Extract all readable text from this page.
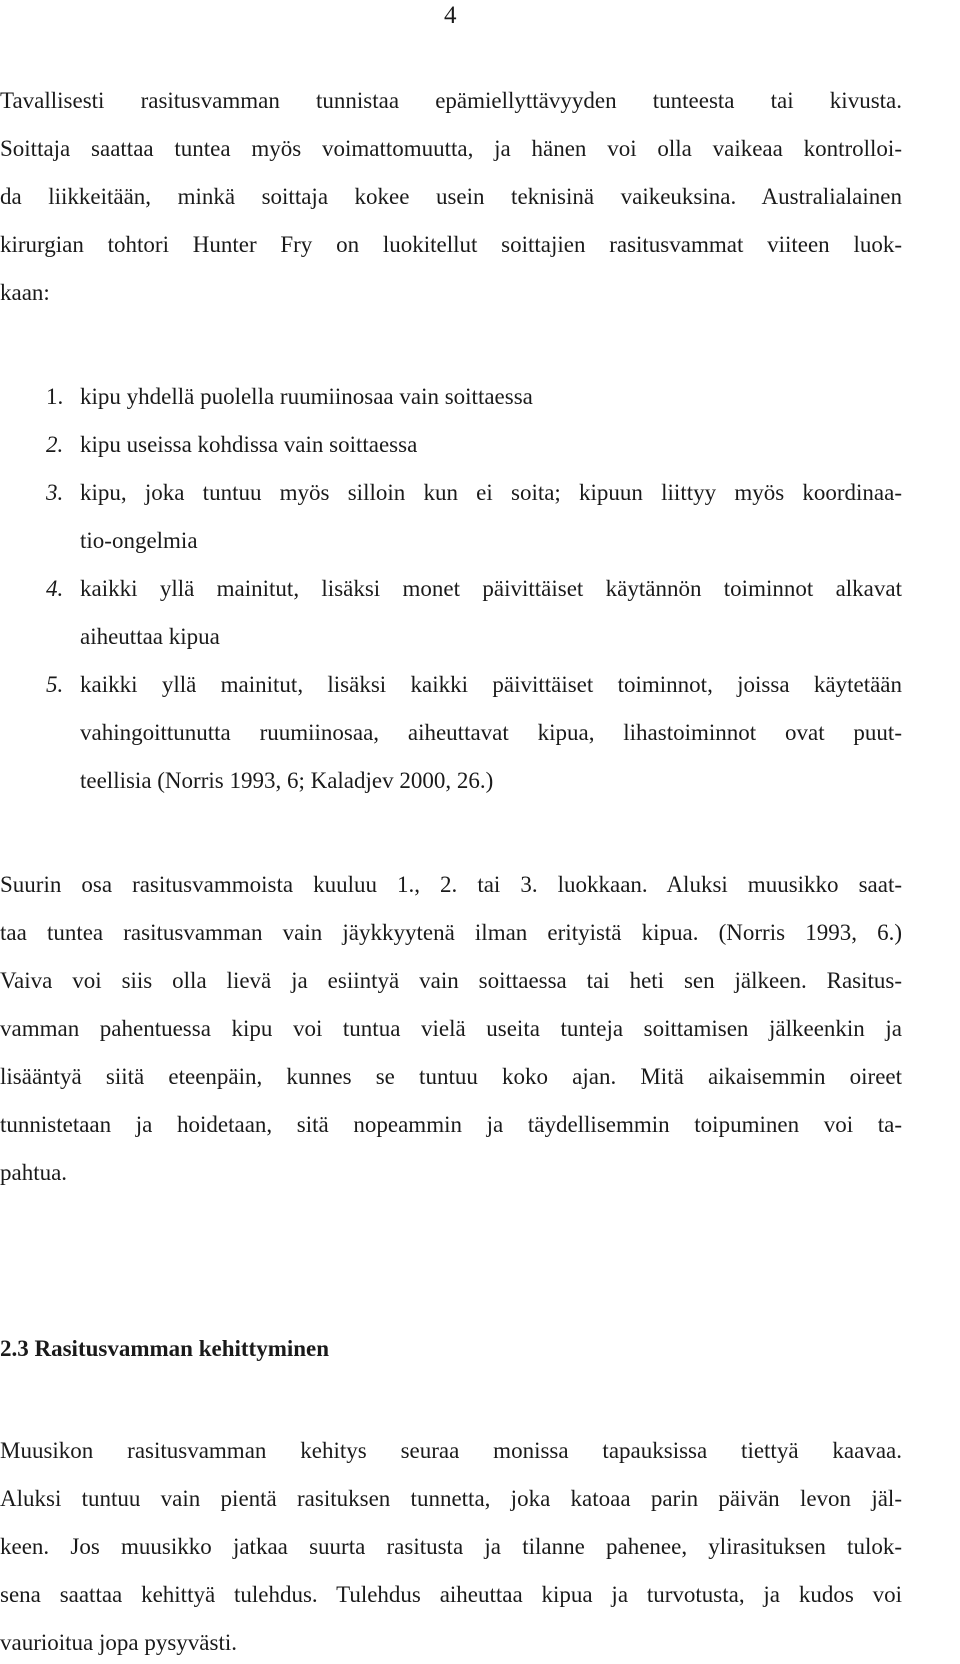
4
Tavallisesti rasitusvamman tunnistaa epämiellyttävyyden tunteesta tai kivusta.
Soittaja saattaa tuntea myös voimattomuutta, ja hänen voi olla vaikeaa kontrolloi-
da liikkeitään, minkä soittaja kokee usein teknisinä vaikeuksina. Australialainen
kirurgian tohtori Hunter Fry on luokitellut soittajien rasitusvammat viiteen luok-
kaan:
1. kipu yhdellä puolella ruumiinosaa vain soittaessa
2. kipu useissa kohdissa vain soittaessa
3. kipu, joka tuntuu myös silloin kun ei soita; kipuun liittyy myös koordinaa-
tio-ongelmia
4. kaikki yllä mainitut, lisäksi monet päivittäiset käytännön toiminnot alkavat
aiheuttaa kipua
5. kaikki yllä mainitut, lisäksi kaikki päivittäiset toiminnot, joissa käytetään
vahingoittunutta ruumiinosaa, aiheuttavat kipua, lihastoiminnot ovat puut-
teellisia (Norris 1993, 6; Kaladjev 2000, 26.)
Suurin osa rasitusvammoista kuuluu 1., 2. tai 3. luokkaan. Aluksi muusikko saat-
taa tuntea rasitusvamman vain jäykkyytenä ilman erityistä kipua. (Norris 1993, 6.)
Vaiva voi siis olla lievä ja esiintyä vain soittaessa tai heti sen jälkeen. Rasitus-
vamman pahentuessa kipu voi tuntua vielä useita tunteja soittamisen jälkeenkin ja
lisääntyä siitä eteenpäin, kunnes se tuntuu koko ajan. Mitä aikaisemmin oireet
tunnistetaan ja hoidetaan, sitä nopeammin ja täydellisemmin toipuminen voi ta-
pahtua.
2.3 Rasitusvamman kehittyminen
Muusikon rasitusvamman kehitys seuraa monissa tapauksissa tiettyä kaavaa.
Aluksi tuntuu vain pientä rasituksen tunnetta, joka katoaa parin päivän levon jäl-
keen. Jos muusikko jatkaa suurta rasitusta ja tilanne pahenee, ylirasituksen tulok-
sena saattaa kehittyä tulehdus. Tulehdus aiheuttaa kipua ja turvotusta, ja kudos voi
vaurioitua jopa pysyvästi.
